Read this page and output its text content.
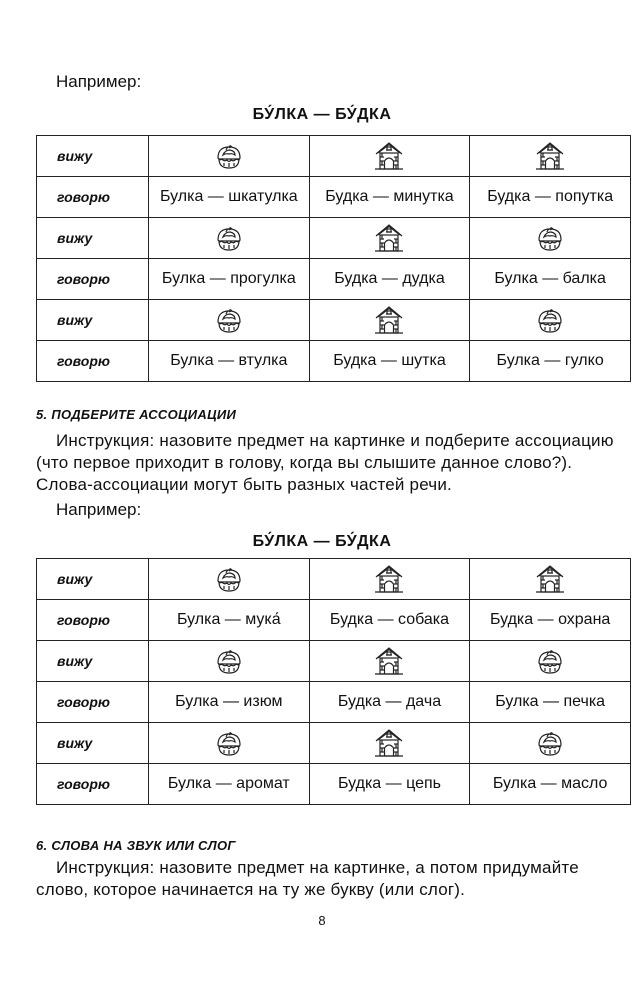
Например:

БУ́ЛКА — БУ́ДКА

вижу			
говорю	Булка — шкатулка	Будка — минутка	Будка — попутка
вижу			
говорю	Булка — прогулка	Будка — дудка	Булка — балка
вижу			
говорю	Булка — втулка	Будка — шутка	Булка — гулко

5. ПОДБЕРИТЕ АССОЦИАЦИИ

Инструкция: назовите предмет на картинке и подберите ассоциацию (что первое приходит в голову, когда вы слышите данное слово?). Слова-ассоциации могут быть разных частей речи.

Например:

БУ́ЛКА — БУ́ДКА

вижу			
говорю	Булка — мука́	Будка — собака	Будка — охрана
вижу			
говорю	Булка — изюм	Будка — дача	Булка — печка
вижу			
говорю	Булка — аромат	Будка — цепь	Булка — масло

6. СЛОВА НА ЗВУК ИЛИ СЛОГ

Инструкция: назовите предмет на картинке, а потом придумайте слово, которое начинается на ту же букву (или слог).

8
